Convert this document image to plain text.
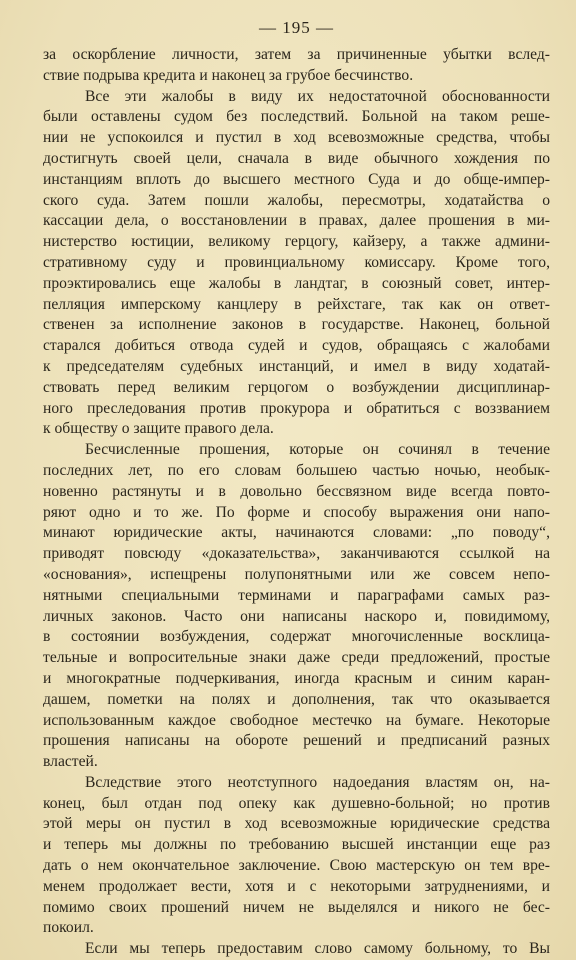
— 195 —
за оскорбление личности, затем за причиненные убытки вслед-
ствие подрыва кредита и наконец за грубое бесчинство.
Все эти жалобы в виду их недостаточной обоснованности
были оставлены судом без последствий. Больной на таком реше-
нии не успокоился и пустил в ход всевозможные средства, чтобы
достигнуть своей цели, сначала в виде обычного хождения по
инстанциям вплоть до высшего местного Суда и до обще-импер-
ского суда. Затем пошли жалобы, пересмотры, ходатайства о
кассации дела, о восстановлении в правах, далее прошения в ми-
нистерство юстиции, великому герцогу, кайзеру, а также админи-
стративному суду и провинциальному комиссару. Кроме того,
проэктировались еще жалобы в ландтаг, в союзный совет, интер-
пелляция имперскому канцлеру в рейхстаге, так как он ответ-
ственен за исполнение законов в государстве. Наконец, больной
старался добиться отвода судей и судов, обращаясь с жалобами
к председателям судебных инстанций, и имел в виду ходатай-
ствовать перед великим герцогом о возбуждении дисциплинар-
ного преследования против прокурора и обратиться с воззванием
к обществу о защите правого дела.
Бесчисленные прошения, которые он сочинял в течение
последних лет, по его словам большею частью ночью, необык-
новенно растянуты и в довольно бессвязном виде всегда повто-
ряют одно и то же. По форме и способу выражения они напо-
минают юридические акты, начинаются словами: „по поводу“,
приводят повсюду «доказательства», заканчиваются ссылкой на
«основания», испещрены полупонятными или же совсем непо-
нятными специальными терминами и параграфами самых раз-
личных законов. Часто они написаны наскоро и, повидимому,
в состоянии возбуждения, содержат многочисленные восклица-
тельные и вопросительные знаки даже среди предложений, простые
и многократные подчеркивания, иногда красным и синим каран-
дашем, пометки на полях и дополнения, так что оказывается
использованным каждое свободное местечко на бумаге. Некоторые
прошения написаны на обороте решений и предписаний разных
властей.
Вследствие этого неотступного надоедания властям он, на-
конец, был отдан под опеку как душевно-больной; но против
этой меры он пустил в ход всевозможные юридические средства
и теперь мы должны по требованию высшей инстанции еще раз
дать о нем окончательное заключение. Свою мастерскую он тем вре-
менем продолжает вести, хотя и с некоторыми затруднениями, и
помимо своих прошений ничем не выделялся и никого не бес-
покоил.
Если мы теперь предоставим слово самому больному, то Вы
